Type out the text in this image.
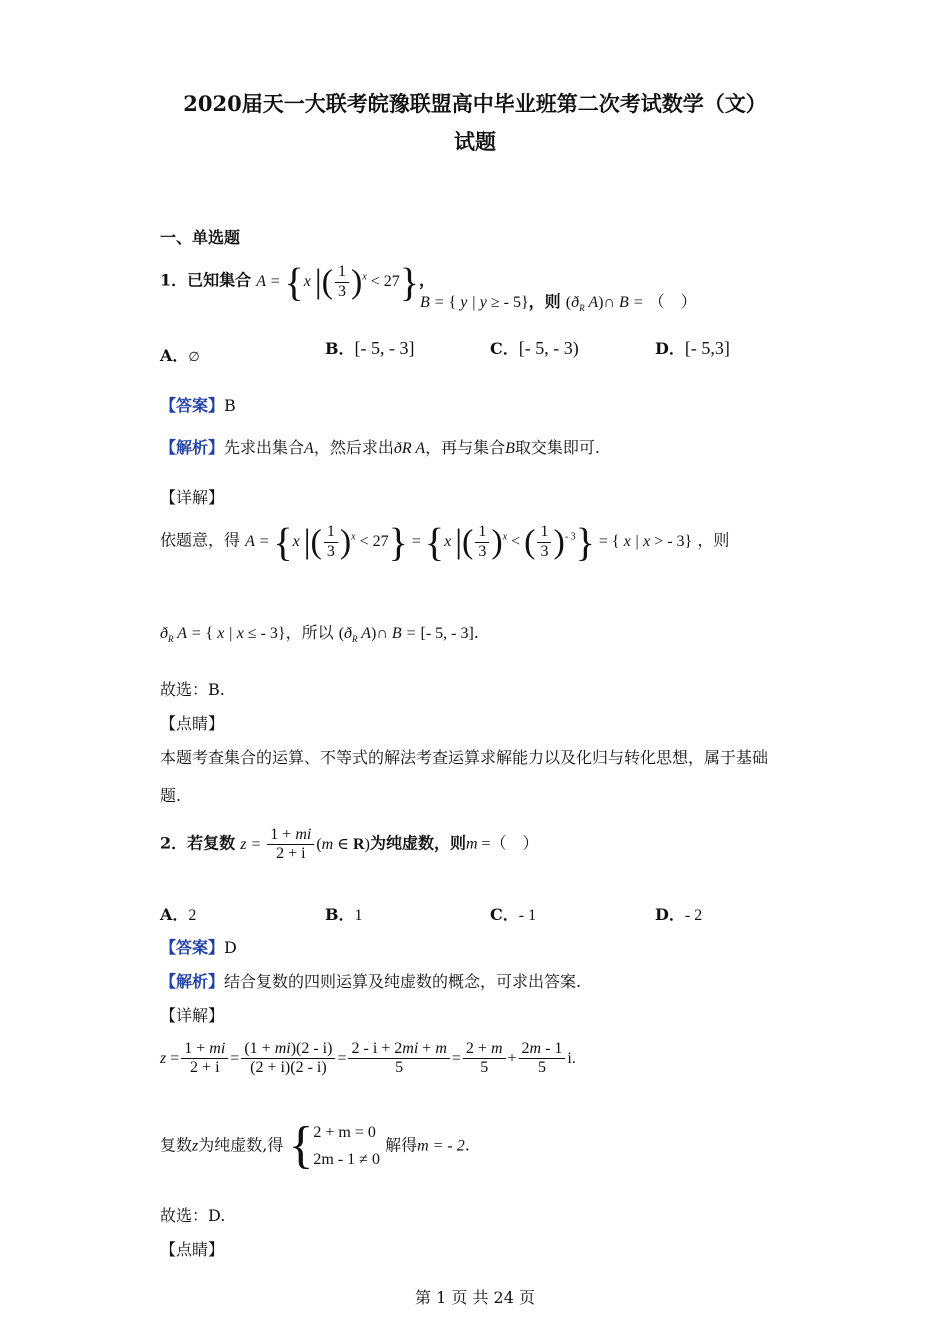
2020届天一大联考皖豫联盟高中毕业班第二次考试数学（文）
试题
一、单选题
1．已知集合 A = {x |( $\frac{1}{3} )^x < 27$}，
B = { y | y ≥ - 5}，则 ($ð_R$ A)∩ B = （　）
A．∅	B．[- 5, - 3]	C．[- 5, - 3)	D．[- 5,3]
【答案】B
【解析】先求出集合A，然后求出ðR A，再与集合B取交集即可.
【详解】
依题意，得 A = {x |( $\frac{1}{3} )^x < 27\} = \{x$ |( $\frac{1}{3} )^x$ < ( $\frac{1}{3} )^{- 3}$} = { x | x > - 3} ，则
$ð_R$ A = { x | x ≤ - 3}，所以 ($ð_R$ A)∩ B = [- 5, - 3].
故选：B.
【点睛】
本题考查集合的运算、不等式的解法考查运算求解能力以及化归与转化思想，属于基础
题.
2．若复数 $z = \frac{1 + mi}{2 + i} (m$ ∈ R)为纯虚数，则m =（　）
A．2	B．1	C．- 1	D．- 2
【答案】D
【解析】结合复数的四则运算及纯虚数的概念，可求出答案.
【详解】
$z = \frac{1 + mi}{2 + i} = \frac{(1 + mi)(2 - i)}{(2 + i)(2 - i)} = \frac{2 - i + 2mi + m}{5} = \frac{2 + m}{5} + \frac{2m - 1}{5} i$.
复数z为纯虚数,得 { 2 + m = 0
2m - 1 ≠ 0
解得m = - 2.
故选：D.
【点睛】
第 1 页 共 24 页
